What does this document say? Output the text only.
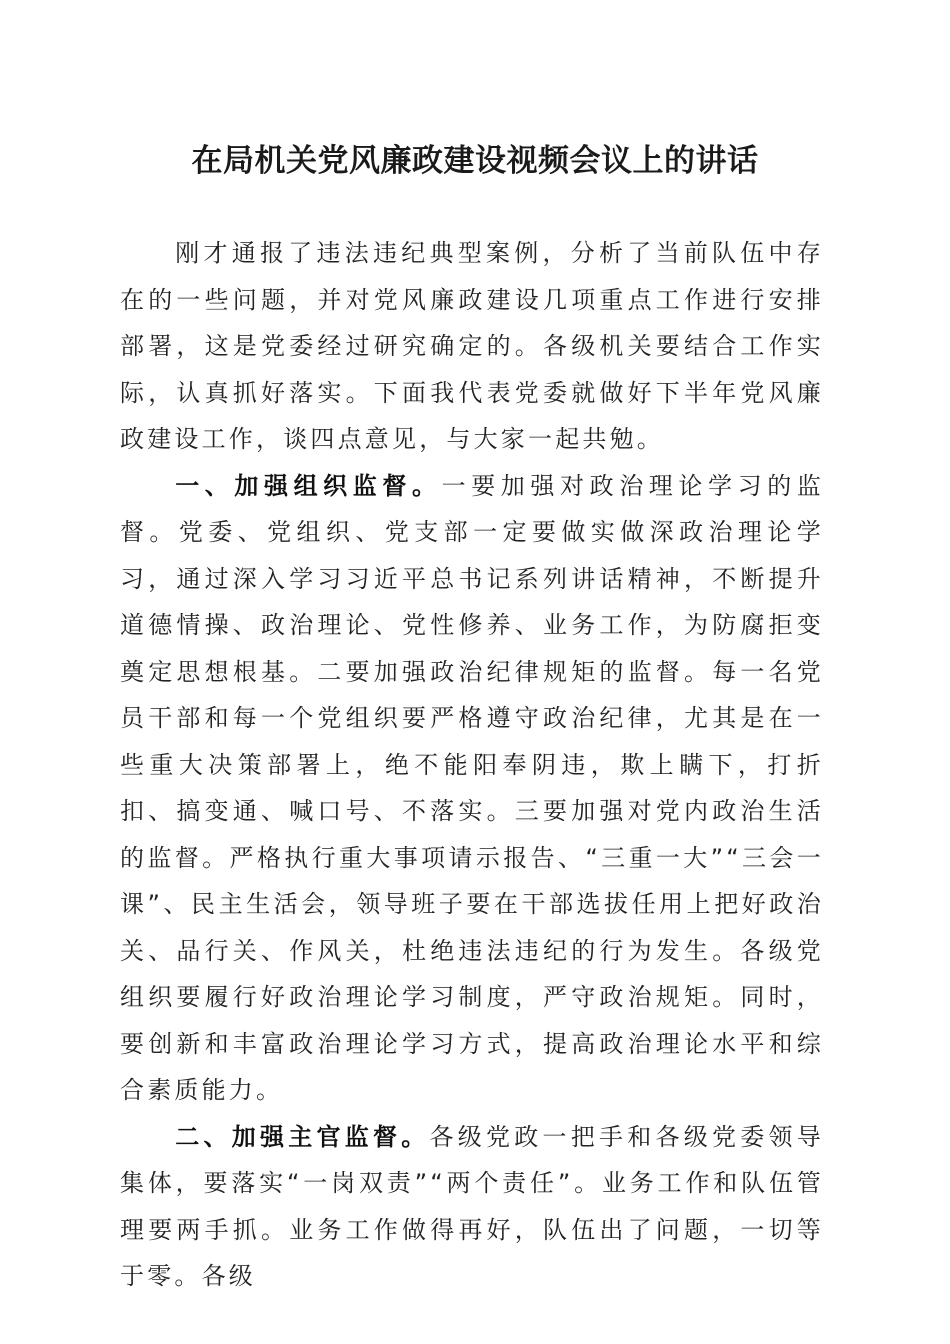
在局机关党风廉政建设视频会议上的讲话

刚才通报了违法违纪典型案例，分析了当前队伍中存在的一些问题，并对党风廉政建设几项重点工作进行安排部署，这是党委经过研究确定的。各级机关要结合工作实际，认真抓好落实。下面我代表党委就做好下半年党风廉政建设工作，谈四点意见，与大家一起共勉。

一、加强组织监督。一要加强对政治理论学习的监督。党委、党组织、党支部一定要做实做深政治理论学习，通过深入学习习近平总书记系列讲话精神，不断提升道德情操、政治理论、党性修养、业务工作，为防腐拒变奠定思想根基。二要加强政治纪律规矩的监督。每一名党员干部和每一个党组织要严格遵守政治纪律，尤其是在一些重大决策部署上，绝不能阳奉阴违，欺上瞒下，打折扣、搞变通、喊口号、不落实。三要加强对党内政治生活的监督。严格执行重大事项请示报告、“三重一大”“三会一课”、民主生活会，领导班子要在干部选拔任用上把好政治关、品行关、作风关，杜绝违法违纪的行为发生。各级党组织要履行好政治理论学习制度，严守政治规矩。同时，要创新和丰富政治理论学习方式，提高政治理论水平和综合素质能力。

二、加强主官监督。各级党政一把手和各级党委领导集体，要落实“一岗双责”“两个责任”。业务工作和队伍管理要两手抓。业务工作做得再好，队伍出了问题，一切等于零。各级
